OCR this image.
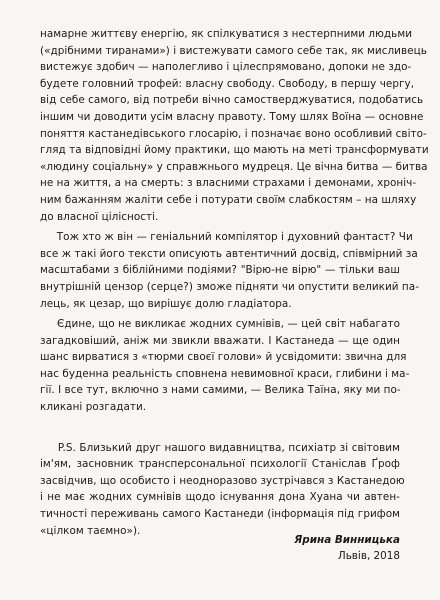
намарне життєву енергію, як спілкуватися з нестерпними людьми
(«дрібними тиранами») і вистежувати самого себе так, як мисливець
вистежує здобич — наполегливо і цілеспрямовано, допоки не здо-
будете головний трофей: власну свободу. Свободу, в першу чергу,
від себе самого, від потреби вічно самостверджуватися, подобатись
іншим чи доводити усім власну правоту. Тому шлях Воїна — основне
поняття кастанедівського глосарію, і позначає воно особливий світо-
гляд та відповідні йому практики, що мають на меті трансформувати
«людину соціальну» у справжнього мудреця. Це вічна битва — битва
не на життя, а на смерть: з власними страхами і демонами, хроніч-
ним бажанням жаліти себе і потурати своїм слабкостям – на шляху
до власної цілісності.

Тож хто ж він — геніальний компілятор і духовний фантаст? Чи
все ж такі його тексти описують автентичний досвід, співмірний за
масштабами з біблійними подіями? "Вірю-не вірю" — тільки ваш
внутрішній цензор (серце?) зможе підняти чи опустити великий па-
лець, як цезар, що вирішує долю гладіатора.

Єдине, що не викликає жодних сумнівів, — цей світ набагато
загадковіший, аніж ми звикли вважати. І Кастанеда — ще один
шанс вирватися з «тюрми своєї голови» й усвідомити: звична для
нас буденна реальність сповнена невимовної краси, глибини і ма-
гії. І все тут, включно з нами самими, — Велика Таїна, яку ми по-
кликані розгадати.

P.S. Близький друг нашого видавництва, психіатр зі світовим
ім'ям, засновник трансперсональної психології Станіслав Ґроф
засвідчив, що особисто і неодноразово зустрічався з Кастанедою
і не має жодних сумнівів щодо існування дона Хуана чи автен-
тичності переживань самого Кастанеди (інформація під грифом
«цілком таємно»).

Ярина Винницька
Львів, 2018
